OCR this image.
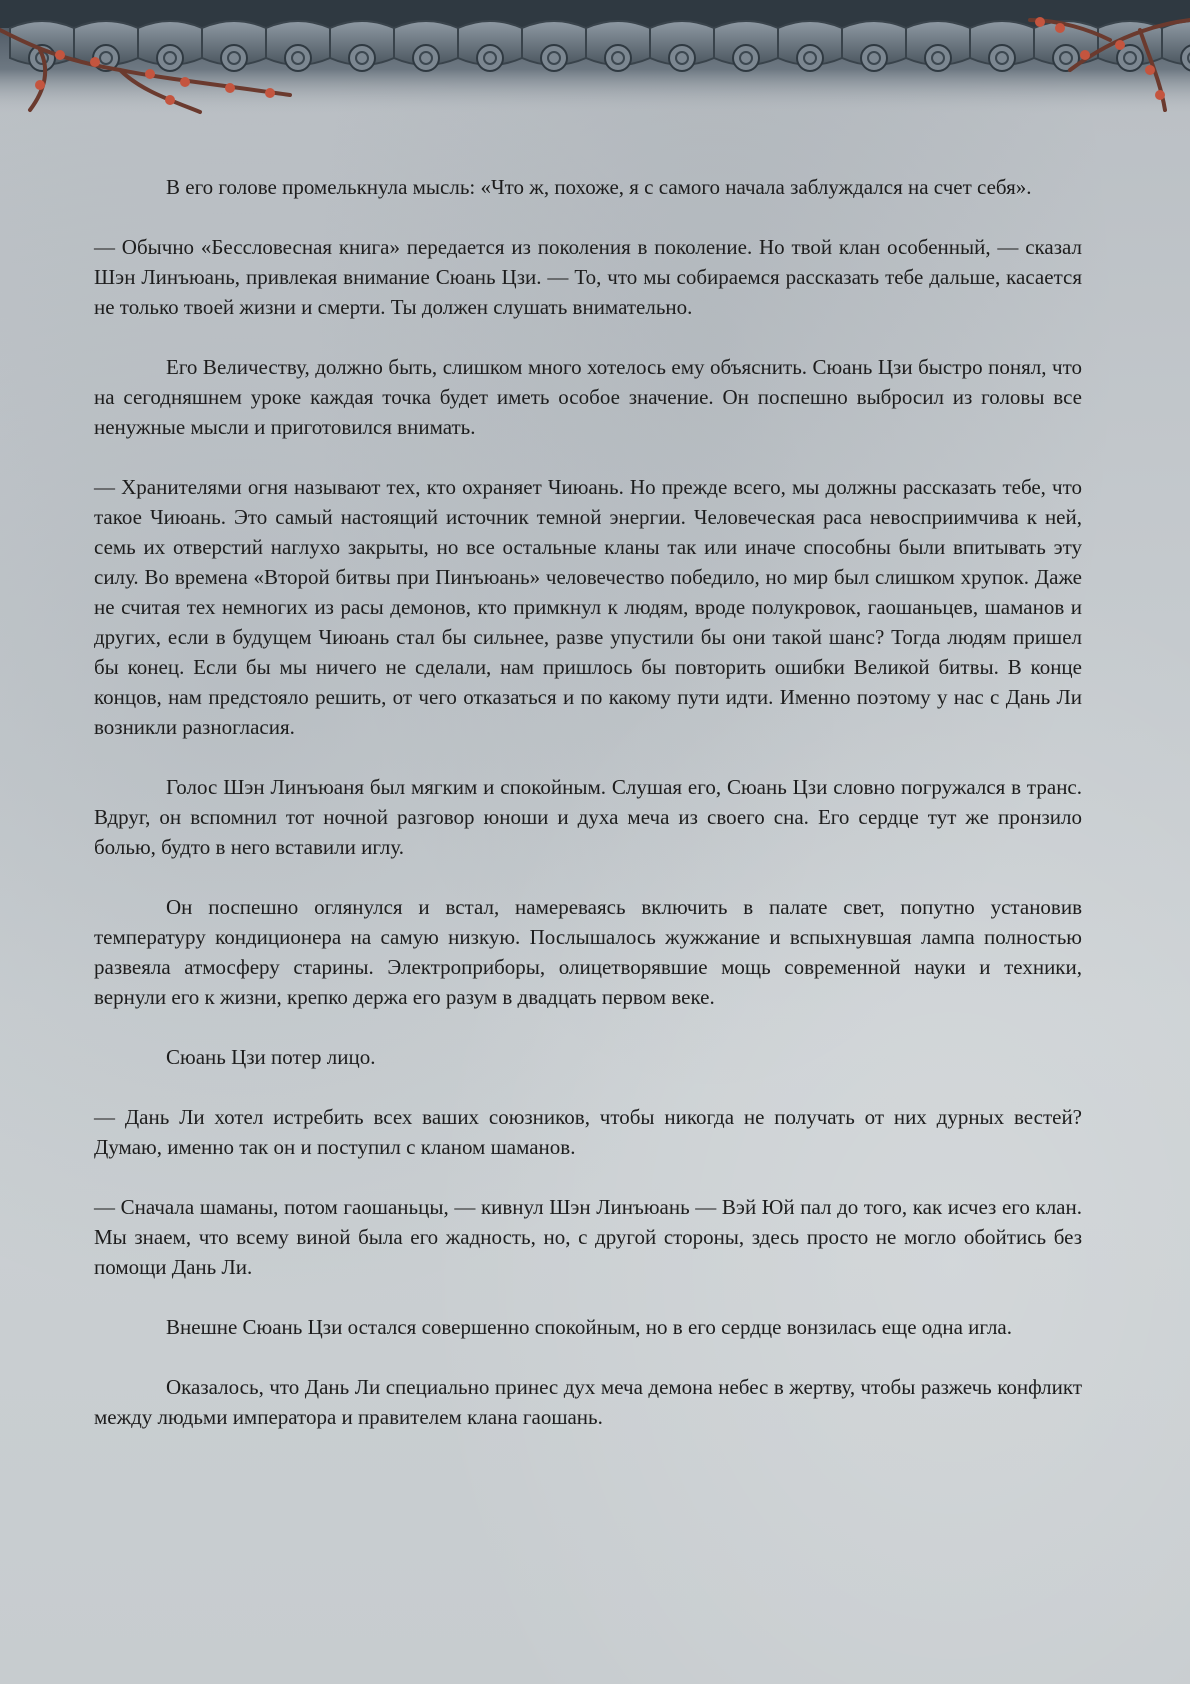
В его голове промелькнула мысль: «Что ж, похоже, я с самого начала заблуждался на счет себя».

— Обычно «Бессловесная книга» передается из поколения в поколение. Но твой клан особенный, — сказал Шэн Линъюань, привлекая внимание Сюань Цзи. — То, что мы собираемся рассказать тебе дальше, касается не только твоей жизни и смерти. Ты должен слушать внимательно.

Его Величеству, должно быть, слишком много хотелось ему объяснить. Сюань Цзи быстро понял, что на сегодняшнем уроке каждая точка будет иметь особое значение. Он поспешно выбросил из головы все ненужные мысли и приготовился внимать.

— Хранителями огня называют тех, кто охраняет Чиюань. Но прежде всего, мы должны рассказать тебе, что такое Чиюань. Это самый настоящий источник темной энергии. Человеческая раса невосприимчива к ней, семь их отверстий наглухо закрыты, но все остальные кланы так или иначе способны были впитывать эту силу. Во времена «Второй битвы при Пинъюань» человечество победило, но мир был слишком хрупок. Даже не считая тех немногих из расы демонов, кто примкнул к людям, вроде полукровок, гаошаньцев, шаманов и других, если в будущем Чиюань стал бы сильнее, разве упустили бы они такой шанс? Тогда людям пришел бы конец. Если бы мы ничего не сделали, нам пришлось бы повторить ошибки Великой битвы. В конце концов, нам предстояло решить, от чего отказаться и по какому пути идти. Именно поэтому у нас с Дань Ли возникли разногласия.

Голос Шэн Линъюаня был мягким и спокойным. Слушая его, Сюань Цзи словно погружался в транс. Вдруг, он вспомнил тот ночной разговор юноши и духа меча из своего сна. Его сердце тут же пронзило болью, будто в него вставили иглу.

Он поспешно оглянулся и встал, намереваясь включить в палате свет, попутно установив температуру кондиционера на самую низкую. Послышалось жужжание и вспыхнувшая лампа полностью развеяла атмосферу старины. Электроприборы, олицетворявшие мощь современной науки и техники, вернули его к жизни, крепко держа его разум в двадцать первом веке.

Сюань Цзи потер лицо.

— Дань Ли хотел истребить всех ваших союзников, чтобы никогда не получать от них дурных вестей? Думаю, именно так он и поступил с кланом шаманов.

— Сначала шаманы, потом гаошаньцы, — кивнул Шэн Линъюань — Вэй Юй пал до того, как исчез его клан. Мы знаем, что всему виной была его жадность, но, с другой стороны, здесь просто не могло обойтись без помощи Дань Ли.

Внешне Сюань Цзи остался совершенно спокойным, но в его сердце вонзилась еще одна игла.

Оказалось, что Дань Ли специально принес дух меча демона небес в жертву, чтобы разжечь конфликт между людьми императора и правителем клана гаошань.
